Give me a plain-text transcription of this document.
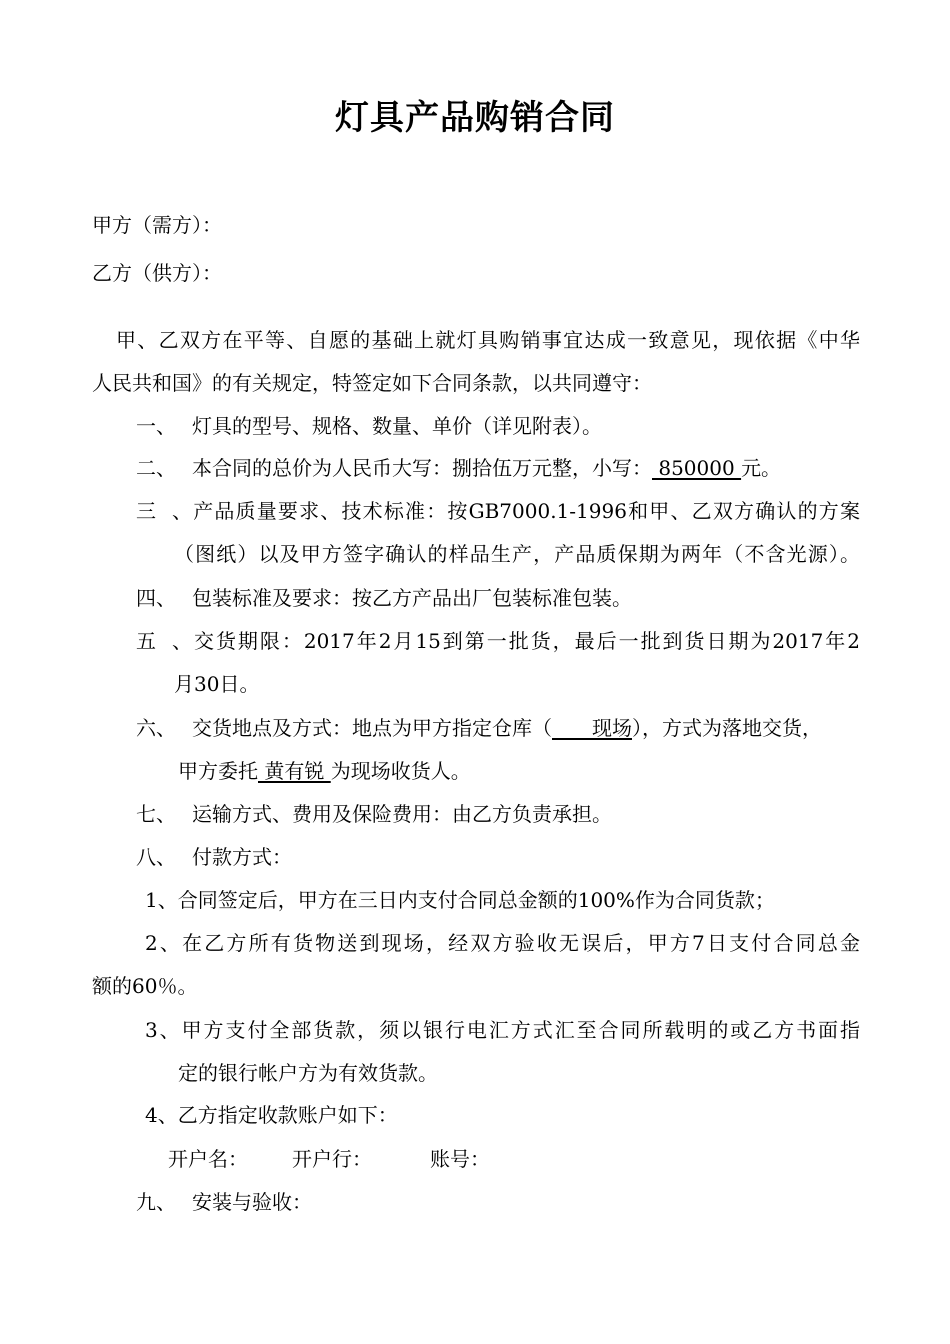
灯具产品购销合同
甲方（需方）：
乙方（供方）：
甲、乙双方在平等、自愿的基础上就灯具购销事宜达成一致意见，现依据《中华
人民共和国》的有关规定，特签定如下合同条款，以共同遵守：
一、 灯具的型号、规格、数量、单价（详见附表）。
二、 本合同的总价为人民币大写：捌拾伍万元整，小写： 850000 元。
三、产品质量要求、技术标准：按GB7000.1-1996和甲、乙双方确认的方案
（图纸）以及甲方签字确认的样品生产，产品质保期为两年（不含光源）。
四、 包装标准及要求：按乙方产品出厂包装标准包装。
五、交货期限：2017年2月15到第一批货，最后一批到货日期为2017年2
月30日。
六、 交货地点及方式：地点为甲方指定仓库（　　现场），方式为落地交货，
甲方委托 黄有锐 为现场收货人。
七、 运输方式、费用及保险费用：由乙方负责承担。
八、 付款方式：
1、合同签定后，甲方在三日内支付合同总金额的100%作为合同货款；
2、在乙方所有货物送到现场，经双方验收无误后，甲方7日支付合同总金
额的60％。
3、甲方支付全部货款，须以银行电汇方式汇至合同所载明的或乙方书面指
定的银行帐户方为有效货款。
4、乙方指定收款账户如下：
开户名： 开户行：	账号：
九、 安装与验收：
